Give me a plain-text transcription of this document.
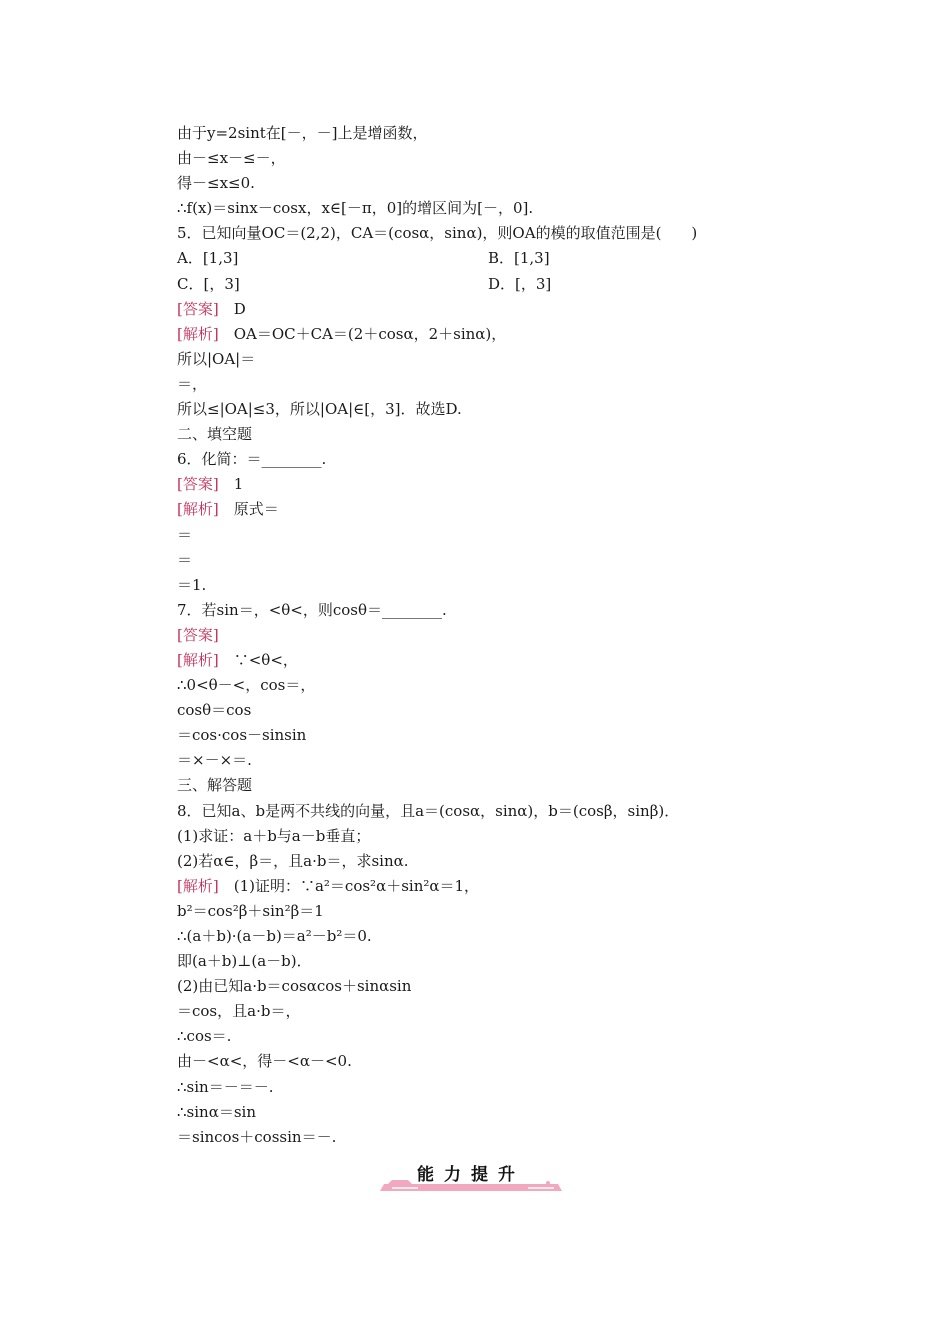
由于y=2sint在[－，－]上是增函数，
由－≤x－≤－，
得－≤x≤0.
∴f(x)＝sinx－cosx，x∈[－π，0]的增区间为[－，0].
5．已知向量OC＝(2,2)，CA＝(cosα，sinα)，则OA的模的取值范围是(　　)
A．[1,3]	B．[1,3]
C．[，3]	D．[，3]
[答案]  D
[解析]  OA＝OC＋CA＝(2＋cosα，2＋sinα)，
所以|OA|＝
＝，
所以≤|OA|≤3，所以|OA|∈[，3]．故选D.
二、填空题
6．化简：＝________.
[答案]  1
[解析]  原式＝
＝
＝
＝1.
7．若sin＝，<θ<，则cosθ＝________.
[答案]
[解析]  ∵<θ<，
∴0<θ－<，cos＝，
cosθ＝cos
＝cos·cos－sinsin
＝×－×＝.
三、解答题
8．已知a、b是两不共线的向量，且a＝(cosα，sinα)，b＝(cosβ，sinβ)．
(1)求证：a＋b与a－b垂直；
(2)若α∈，β＝，且a·b＝，求sinα.
[解析]  (1)证明：∵a²＝cos²α＋sin²α＝1，
b²＝cos²β＋sin²β＝1
∴(a＋b)·(a－b)＝a²－b²＝0.
即(a＋b)⊥(a－b)．
(2)由已知a·b＝cosαcos＋sinαsin
＝cos，且a·b＝，
∴cos＝.
由－<α<，得－<α－<0.
∴sin＝－＝－.
∴sinα＝sin
＝sincos＋cossin＝－.
能力提升
